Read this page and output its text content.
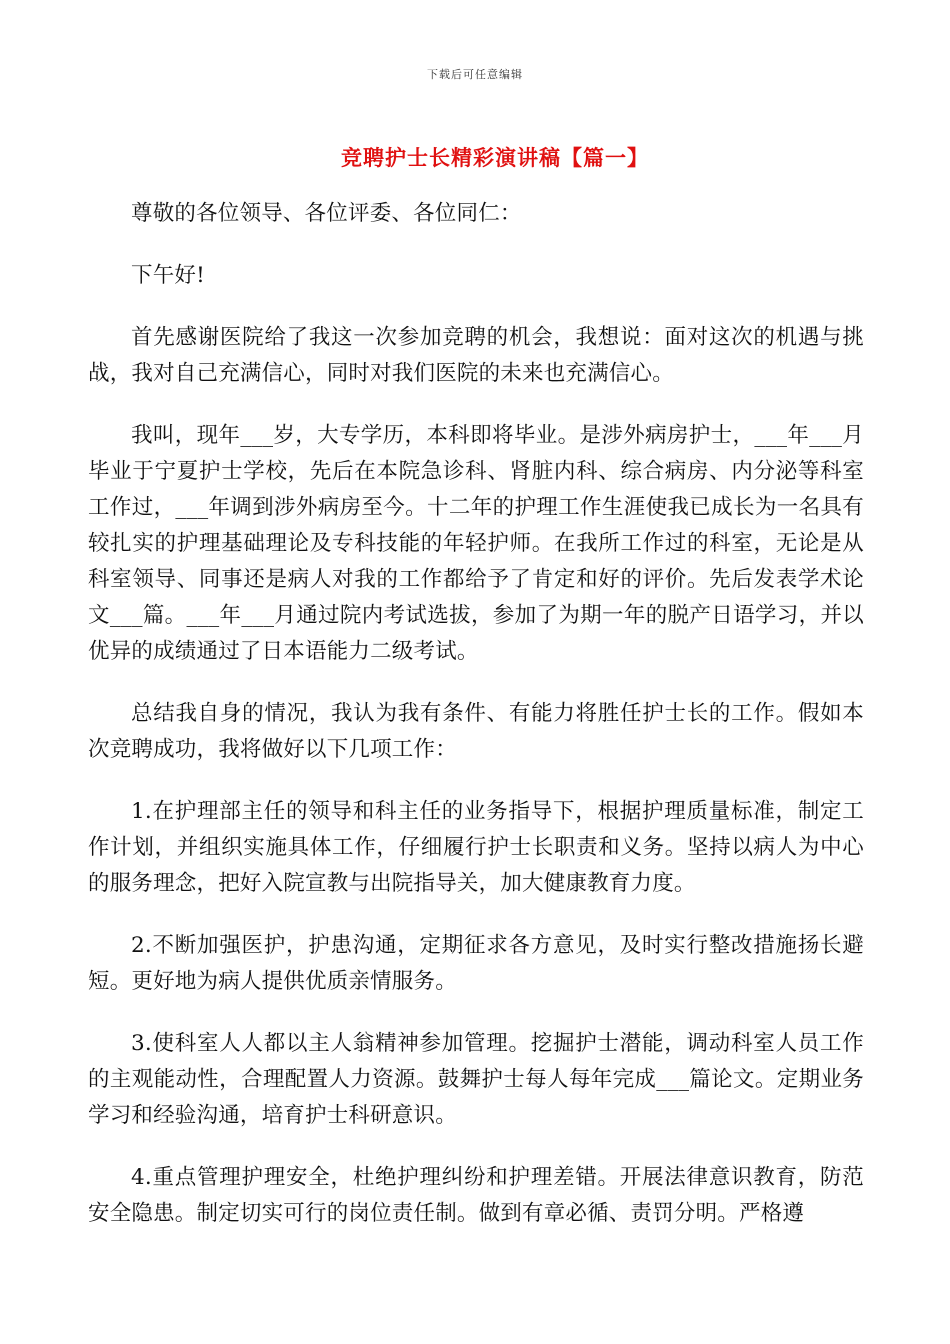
下载后可任意编辑
竞聘护士长精彩演讲稿【篇一】

尊敬的各位领导、各位评委、各位同仁：

下午好!

首先感谢医院给了我这一次参加竞聘的机会，我想说：面对这次的机遇与挑战，我对自己充满信心，同时对我们医院的未来也充满信心。

我叫，现年___岁，大专学历，本科即将毕业。是涉外病房护士，___年___月毕业于宁夏护士学校，先后在本院急诊科、肾脏内科、综合病房、内分泌等科室工作过，___年调到涉外病房至今。十二年的护理工作生涯使我已成长为一名具有较扎实的护理基础理论及专科技能的年轻护师。在我所工作过的科室，无论是从科室领导、同事还是病人对我的工作都给予了肯定和好的评价。先后发表学术论文___篇。___年___月通过院内考试选拔，参加了为期一年的脱产日语学习，并以优异的成绩通过了日本语能力二级考试。

总结我自身的情况，我认为我有条件、有能力将胜任护士长的工作。假如本次竞聘成功，我将做好以下几项工作：

1.在护理部主任的领导和科主任的业务指导下，根据护理质量标准，制定工作计划，并组织实施具体工作，仔细履行护士长职责和义务。坚持以病人为中心的服务理念，把好入院宣教与出院指导关，加大健康教育力度。

2.不断加强医护，护患沟通，定期征求各方意见，及时实行整改措施扬长避短。更好地为病人提供优质亲情服务。

3.使科室人人都以主人翁精神参加管理。挖掘护士潜能，调动科室人员工作的主观能动性，合理配置人力资源。鼓舞护士每人每年完成___篇论文。定期业务学习和经验沟通，培育护士科研意识。

4.重点管理护理安全，杜绝护理纠纷和护理差错。开展法律意识教育，防范安全隐患。制定切实可行的岗位责任制。做到有章必循、责罚分明。严格遵
